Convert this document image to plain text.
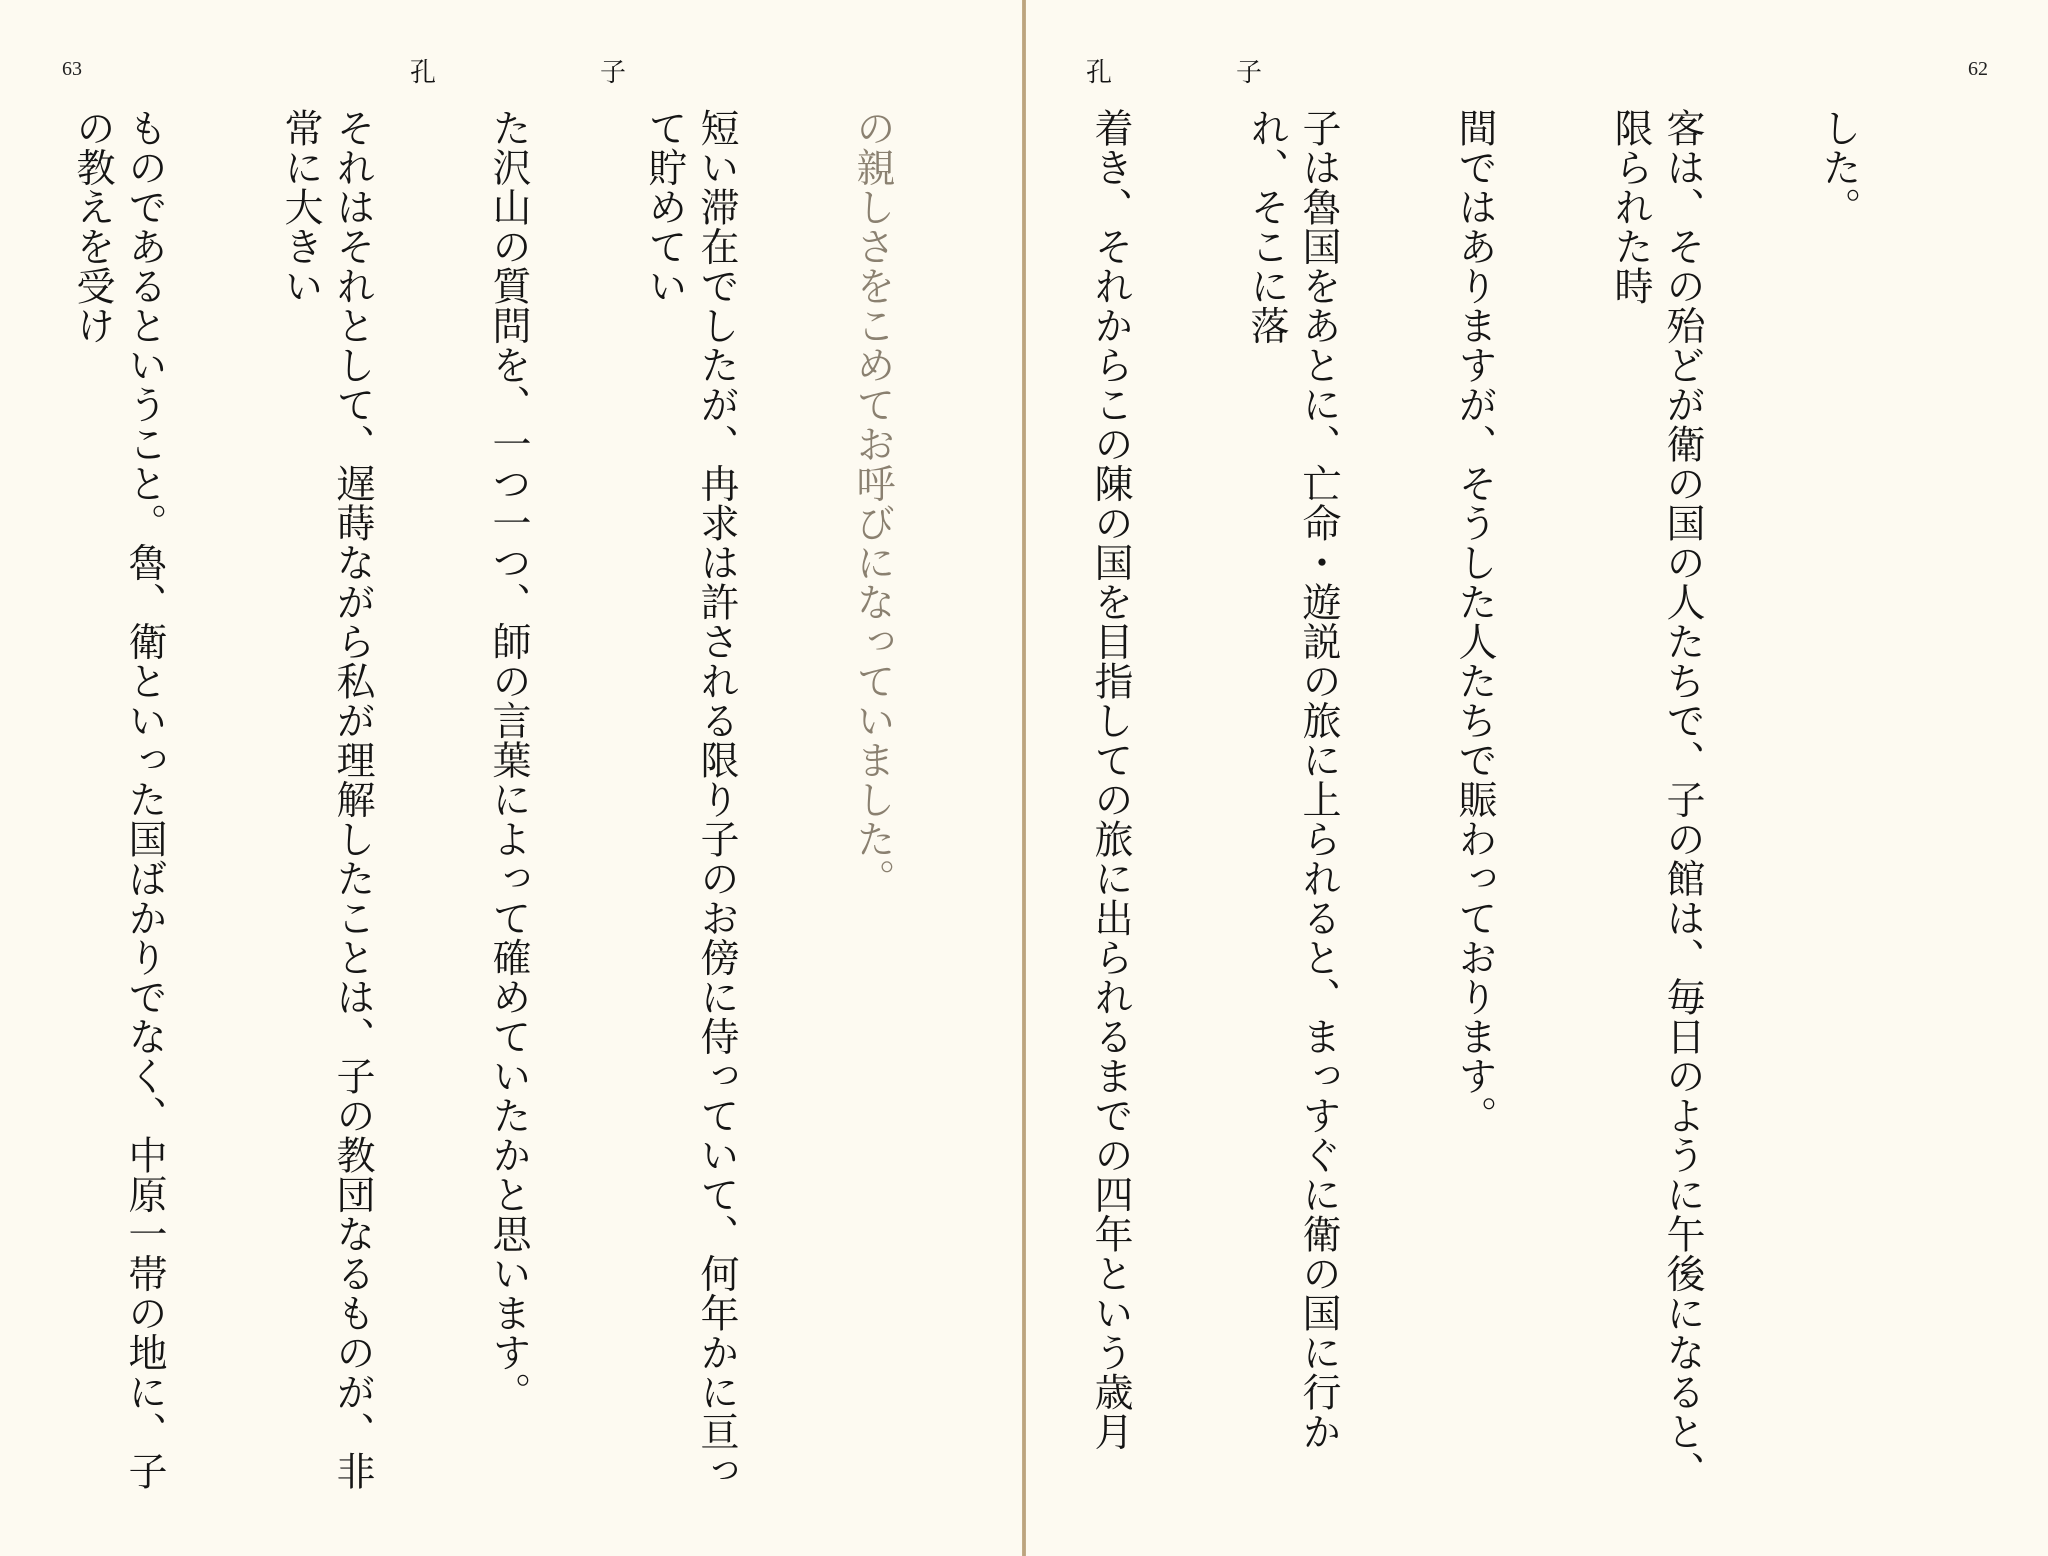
62
孔	子

した。

客は、その殆どが衛の国の人たちで、子の館は、毎日のように午後になると、限られた時

間ではありますが、そうした人たちで賑わっております。

子は魯国をあとに、亡命・遊説の旅に上られると、まっすぐに衛の国に行かれ、そこに落

着き、それからこの陳の国を目指しての旅に出られるまでの四年という歳月

63	孔	子

の親しさをこめてお呼びになっていました。

短い滞在でしたが、冉求は許される限り子のお傍に侍っていて、何年かに亘って貯めてい

た沢山の質問を、一つ一つ、師の言葉によって確めていたかと思います。

それはそれとして、遅蒔ながら私が理解したことは、子の教団なるものが、非常に大きい

ものであるということ。魯、衛といった国ばかりでなく、中原一帯の地に、子の教えを受け
